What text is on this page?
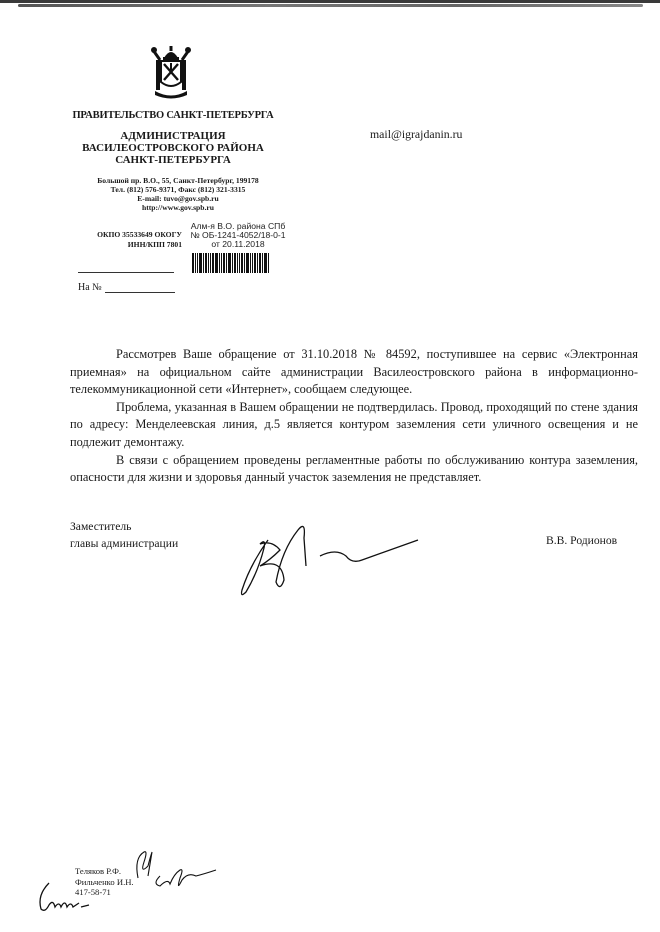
ПРАВИТЕЛЬСТВО САНКТ-ПЕТЕРБУРГА
АДМИНИСТРАЦИЯ
ВАСИЛЕОСТРОВСКОГО РАЙОНА
САНКТ-ПЕТЕРБУРГА
Большой пр. В.О., 55, Санкт-Петербург, 199178
Тел. (812) 576-9371, Факс (812) 321-3315
E-mail: tuvo@gov.spb.ru
http://www.gov.spb.ru
ОКПО 35533649 ОКОГУ
ИНН/КПП 7801
Алм-я В.О. района СПб
№ ОБ-1241-4052/18-0-1
от 20.11.2018
На №
mail@igrajdanin.ru

Рассмотрев Ваше обращение от 31.10.2018 № 84592, поступившее на сервис «Электронная приемная» на официальном сайте администрации Василеостровского района в информационно-телекоммуникационной сети «Интернет», сообщаем следующее.

Проблема, указанная в Вашем обращении не подтвердилась. Провод, проходящий по стене здания по адресу: Менделеевская линия, д.5 является контуром заземления сети уличного освещения и не подлежит демонтажу.

В связи с обращением проведены регламентные работы по обслуживанию контура заземления, опасности для жизни и здоровья данный участок заземления не представляет.

Заместитель
главы администрации	В.В. Родионов
Теляков Р.Ф.
Фильченко И.Н.
417-58-71
